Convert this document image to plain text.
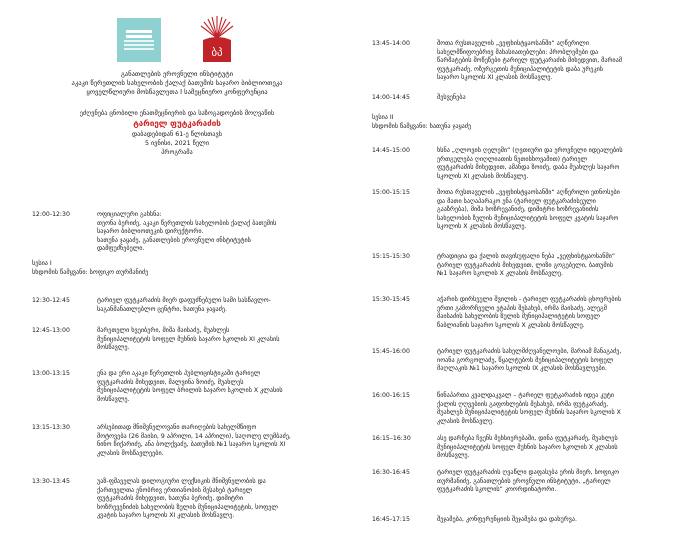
ბპ
განათლების ეროვნული ინსტიტუტი
აკაკი წერეთლის სახელობის ქალაქ ბათუმის საჯარო ბიბლიოთეკა
ყოველწლიური მოსწავლეთა I სამეცნიერო კონფერენცია
ეძღვნება ცნობილი ენათმეცნიერის და საზოგადოების მოღვაწის
ტარიელ ფუტკარაძის
დაბადებიდან 61-ე წლისთავს
5 ივნისი, 2021 წელი
პროგრამა
12:00-12:30	ოფიციალური გახსნა:
თეონა ბერიძე, აკაკი წერეთლის სახელობის ქალაქ ბათუმის
საჯარო ბიბლიოთეკის დირექტორი.
ხათუნა ჯაყაძე, განათლების ეროვნული ინსტიტუტის
დამფუძნებელი.
სესია I
სხდომის წამყვანი: სოფიკო თურმანიძე
12:30-12:45	ტარიელ ფუტკარაძის მიერ დაფუძნებული სამი სასწავლო-
საგანმანათლებლო ცენტრი, ხათუნა ჯაყაძე.
12:45-13:00	მარეთელი ხვეიბერი, მიშა მაისაძე, მუახლეს
მუნიციპალიტეტის სოფელ მუხნის საჯარო სკოლის XI კლასის
მოსწავლე.
13:00-13:15	ენა და ერი აკაკი წერეთლის პუბლიცისტიკაში ტარიელ
ფუტკარაძის მიხედვით, მალვინა ზოიძე, მუახლეს
მუნიციპალიტეტის სოფელ ბრილის საჯარო სკოლის X კლასის
მოსწავლე.
13:15-13:30	არსებითად მნიშვნელოვანი თარიღების სახელმწიფო
მოტოვება (26 მაისი, 9 აპრილი, 14 აპრილი), საღოლე ლუმბაძე,
ნინო წიქარიძე, ანა ბოლქვაძე, ბათუმის №1 საჯარო სკოლის XI
კლასის მოსწავლეები.
13:30-13:45	უაზ-ფშაველას დილოგიური ლექსიკის მნიშვნელობის და
ქართველთა ენობრივ ერთიანობის მესახებ ტარიელ
ფუტკარაძის მიხედვით, ხათუნა ბერიძე, დიმიტრი
ხოზრევენიძის სახელობის ზულის მუნიციპალიტეტის, სოფელ
კვატის საჯარო სკოლის XI კლასის მოსწავლე.
13:45-14:00	შოთა რუსთაველის „ვეფხისტყაოსანში“ აღწერილი
სახელმწიფოებრივ მახასიათებლები: პრობლემები და
წარმატების მოწეწები ტარიელ ფუტკარაძის მიხედვით, მარიამ
ფუტკარაძე, ოზურგეთის მუნიციპალიტეტის დაბა ურეკის
საჯარო სკოლის XI კლასის მოსწავლე.
14:00-14:45	შესვენება
სესია II
სხდომის წამყვანი: ხათუნა ჯაყაძე
14:45-15:00	ხსნა „ღლოვის ღელემი“ (ღვთიური და ეროვნული იდეალების
ერთგულება ღიღლიათის წეთისხოვამით) ტარიელ
ფუტკარაძის მიხედვით, ამანდა ზოიძე, დაბა მუახლეს საჯარო
სკოლის XI კლასის მოსწავლე.
15:00-15:15	შოთა რუსთაველის „ვეფხისტყაოსანში“ აღწერილი ეთნოსები
და მათი საღაპარაკო ენა (ტარიელ ფუტკარაძისეული
გააზრება), მიშა ხოზრევანიძე, დიმიტრი ხოზრევანიძის
სახელობის ზულის მუნიციპალიტეტის სოფელ კვატის საჯარო
სკოლის X კლასის მოსწავლე.
15:15-15:30	ტრადიცია და ქალის თავისუფალი ნება „ვეფხისტყაოსანში“
ტარიელ ფუტკარაძის მიხედვით, ლიზი გოგებელი, ბათუმის
№1 საჯარო სკოლის X კლასის მოსწავლე.
15:30-15:45	აჭარის დირსეული შვილის - ტარიელ ფუტკარაძის ცხოვრების
ერთი გამორჩეული ეტაპის შესახებ, ირმა მაისაძე, ალეგმ
მაისაძის სახელობის ზულის მუნიციპალიტეტის სოფელ
წაბლიანის საჯარო სკოლის X კლასის მოსწავლე.
15:45-16:00	ტარიელ ფუტკარაძის სახელმძღვანელოები, მარიამ მანაგაძე,
იოანა გორგოლაძე, წყალტუბოს მუნიციპალიტეტის სოფელ
მაღლაკის №1 საჯარო სკოლის IX კლასის მოსწავლეები.
16:00-16:15	წინაპართა კვალდაკვალ – ტარიელ ფუტკარაძის იდეა კუტი
ქალის ღღვებიის გაფოხლების მესახებ, ირმა ფუტკარაძე,
მუახლეს მუნიციპალიტეტის სოფელ მუხნის საჯარო სკოლის X
კლასის მოსწავლე.
16:15–16:30	ასე დარჩება ჩვენს მეხსიერებაში, დინა ფუტკარაძე, მუახლეს
მუნიციპალიტეტის სოფელ მუხნის საჯარო სკოლის X კლასის
მოსწავლე.
16:30-16:45	ტარიელ ფუტკარაძის ღვაწლი დაფასება ერის მიერ, სოფიკო
თურმანიძე, განათლების ეროვნული ინსტიტუტი, „ტარიელ
ფუტკარაძის სკოლის“ კოორდინატორი.
16:45-17:15	შეჯამება, კონფერენციის შეჯამება და დახურვა.
